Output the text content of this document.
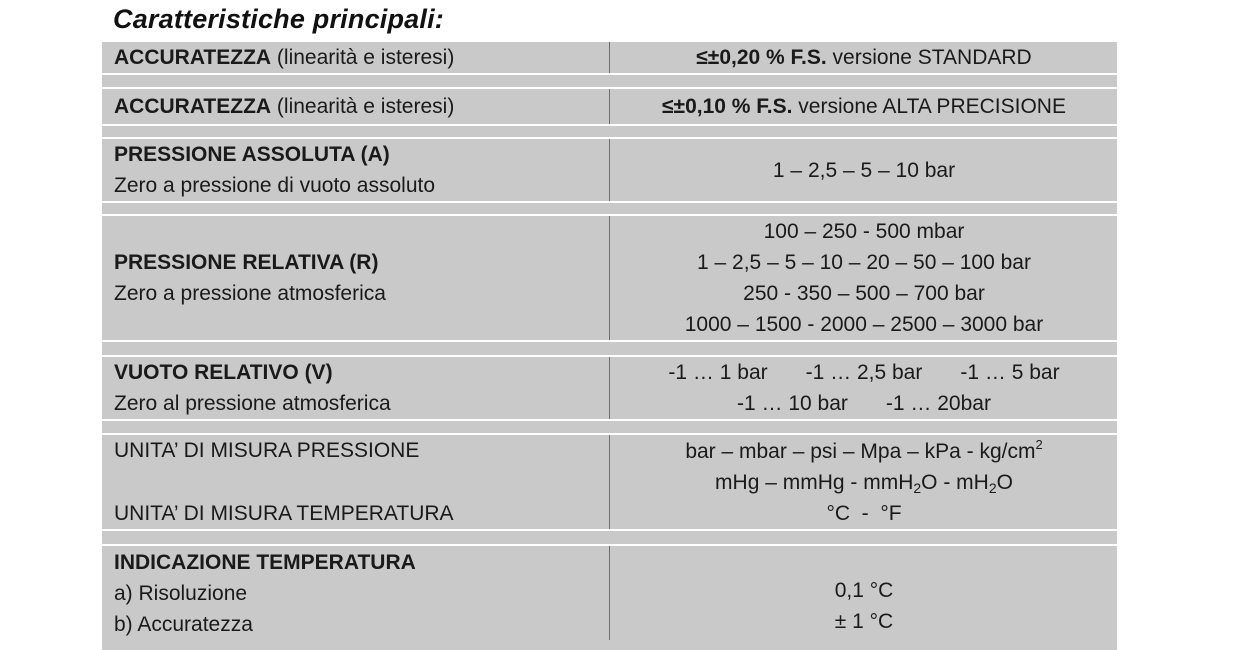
Caratteristiche principali:
ACCURATEZZA (linearità e isteresi)	≤±0,20 % F.S. versione STANDARD
ACCURATEZZA (linearità e isteresi)	≤±0,10 % F.S. versione ALTA PRECISIONE
PRESSIONE ASSOLUTA (A)
Zero a pressione di vuoto assoluto
1 – 2,5 – 5 – 10 bar
PRESSIONE RELATIVA (R)
Zero a pressione atmosferica
100 – 250 - 500 mbar
1 – 2,5 – 5 – 10 – 20 – 50 – 100 bar
250 - 350 – 500 – 700 bar
1000 – 1500 - 2000 – 2500 – 3000 bar
VUOTO RELATIVO (V)
Zero al pressione atmosferica
-1 … 1 bar -1 … 2,5 bar -1 … 5 bar
-1 … 10 bar -1 … 20bar
UNITA’ DI MISURA PRESSIONE
UNITA’ DI MISURA TEMPERATURA
bar – mbar – psi – Mpa – kPa - $kg/cm^2$
mHg – mmHg - $mmH_2O - mH_2O$
°C  -  °F
INDICAZIONE TEMPERATURA
a) Risoluzione
b) Accuratezza
0,1 °C
± 1 °C
